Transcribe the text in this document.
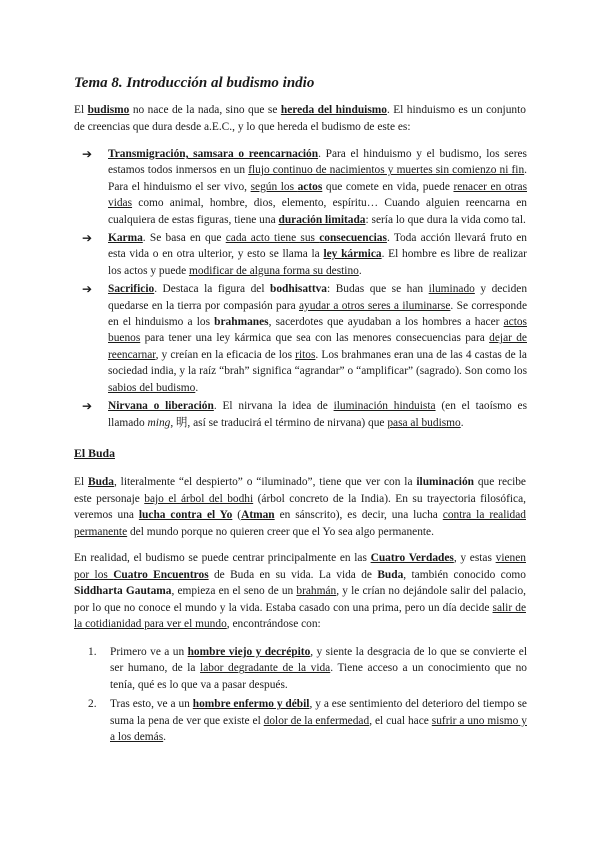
Tema 8. Introducción al budismo indio

El budismo no nace de la nada, sino que se hereda del hinduismo. El hinduismo es un conjunto de creencias que dura desde a.E.C., y lo que hereda el budismo de este es:

➔ Transmigración, samsara o reencarnación. Para el hinduismo y el budismo, los seres estamos todos inmersos en un flujo continuo de nacimientos y muertes sin comienzo ni fin. Para el hinduismo el ser vivo, según los actos que comete en vida, puede renacer en otras vidas como animal, hombre, dios, elemento, espíritu… Cuando alguien reencarna en cualquiera de estas figuras, tiene una duración limitada: sería lo que dura la vida como tal.
➔ Karma. Se basa en que cada acto tiene sus consecuencias. Toda acción llevará fruto en esta vida o en otra ulterior, y esto se llama la ley kármica. El hombre es libre de realizar los actos y puede modificar de alguna forma su destino.
➔ Sacrificio. Destaca la figura del bodhisattva: Budas que se han iluminado y deciden quedarse en la tierra por compasión para ayudar a otros seres a iluminarse. Se corresponde en el hinduismo a los brahmanes, sacerdotes que ayudaban a los hombres a hacer actos buenos para tener una ley kármica que sea con las menores consecuencias para dejar de reencarnar, y creían en la eficacia de los ritos. Los brahmanes eran una de las 4 castas de la sociedad india, y la raíz “brah” significa “agrandar” o “amplificar” (sagrado). Son como los sabios del budismo.
➔ Nirvana o liberación. El nirvana la idea de iluminación hinduista (en el taoísmo es llamado ming, 明, así se traducirá el término de nirvana) que pasa al budismo.
El Buda

El Buda, literalmente “el despierto” o “iluminado”, tiene que ver con la iluminación que recibe este personaje bajo el árbol del bodhi (árbol concreto de la India). En su trayectoria filosófica, veremos una lucha contra el Yo (Atman en sánscrito), es decir, una lucha contra la realidad permanente del mundo porque no quieren creer que el Yo sea algo permanente.

En realidad, el budismo se puede centrar principalmente en las Cuatro Verdades, y estas vienen por los Cuatro Encuentros de Buda en su vida. La vida de Buda, también conocido como Siddharta Gautama, empieza en el seno de un brahmán, y le crían no dejándole salir del palacio, por lo que no conoce el mundo y la vida. Estaba casado con una prima, pero un día decide salir de la cotidianidad para ver el mundo, encontrándose con:

1. Primero ve a un hombre viejo y decrépito, y siente la desgracia de lo que se convierte el ser humano, de la labor degradante de la vida. Tiene acceso a un conocimiento que no tenía, qué es lo que va a pasar después.
2. Tras esto, ve a un hombre enfermo y débil, y a ese sentimiento del deterioro del tiempo se suma la pena de ver que existe el dolor de la enfermedad, el cual hace sufrir a uno mismo y a los demás.
